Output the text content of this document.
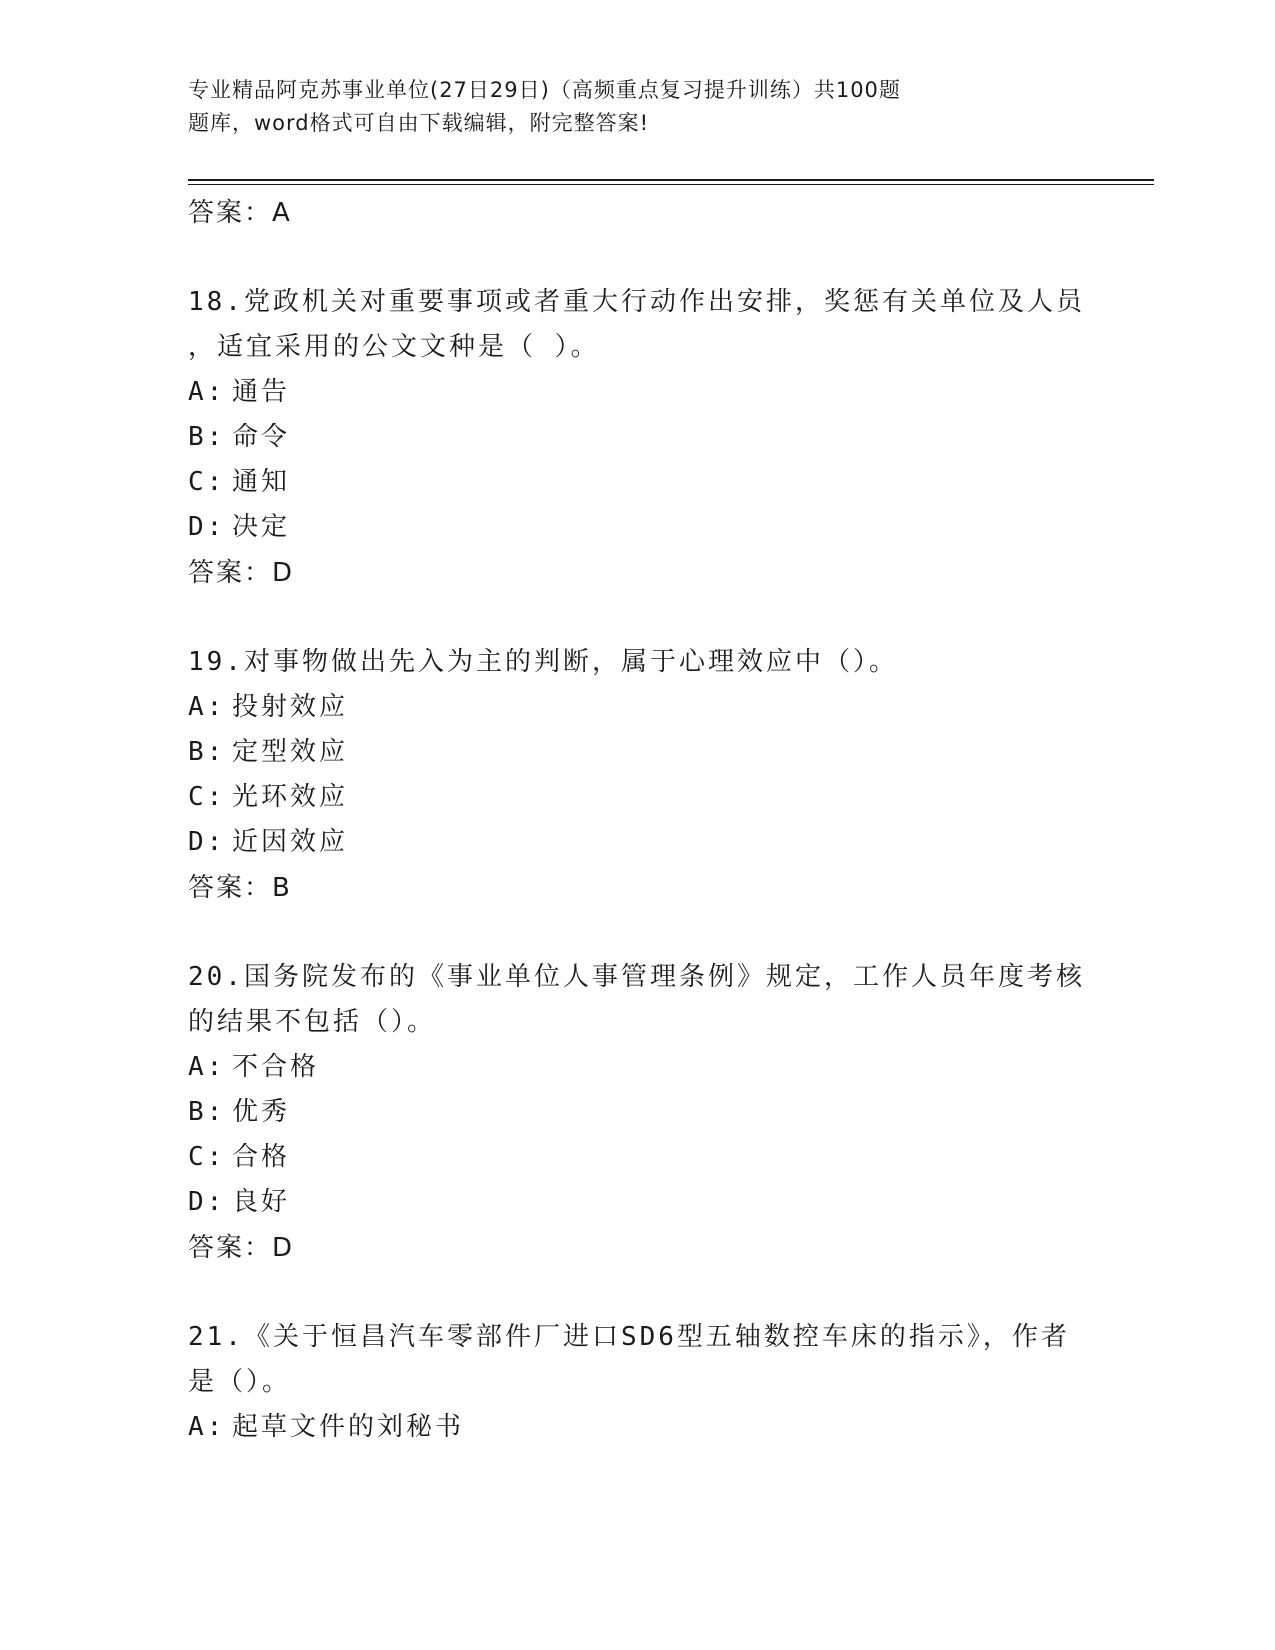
专业精品阿克苏事业单位(27日29日)（高频重点复习提升训练）共100题
题库，word格式可自由下载编辑，附完整答案!
答案：A
18.党政机关对重要事项或者重大行动作出安排，奖惩有关单位及人员
，适宜采用的公文文种是（ ）。
A: 通告
B: 命令
C: 通知
D: 决定
答案：D
19.对事物做出先入为主的判断，属于心理效应中（）。
A: 投射效应
B: 定型效应
C: 光环效应
D: 近因效应
答案：B
20.国务院发布的《事业单位人事管理条例》规定，工作人员年度考核
的结果不包括（）。
A: 不合格
B: 优秀
C: 合格
D: 良好
答案：D
21.《关于恒昌汽车零部件厂进口SD6型五轴数控车床的指示》，作者
是（）。
A: 起草文件的刘秘书
